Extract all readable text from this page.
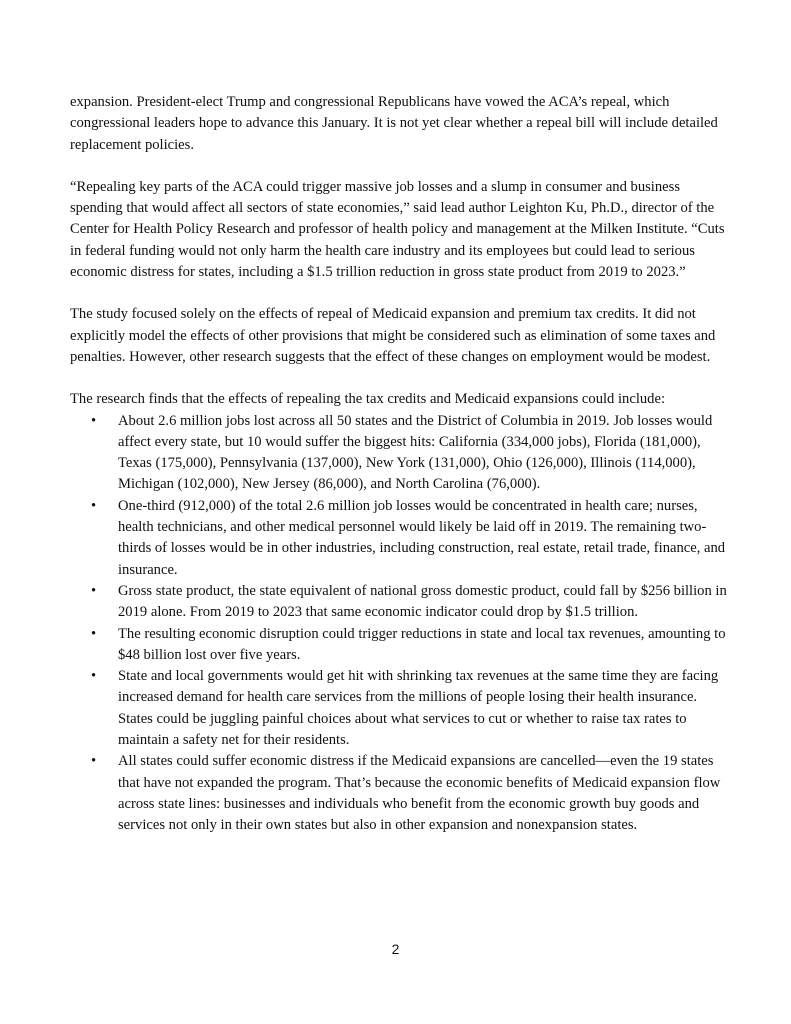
expansion. President-elect Trump and congressional Republicans have vowed the ACA’s repeal, which congressional leaders hope to advance this January. It is not yet clear whether a repeal bill will include detailed replacement policies.

“Repealing key parts of the ACA could trigger massive job losses and a slump in consumer and business spending that would affect all sectors of state economies,” said lead author Leighton Ku, Ph.D., director of the Center for Health Policy Research and professor of health policy and management at the Milken Institute. “Cuts in federal funding would not only harm the health care industry and its employees but could lead to serious economic distress for states, including a $1.5 trillion reduction in gross state product from 2019 to 2023.”

The study focused solely on the effects of repeal of Medicaid expansion and premium tax credits. It did not explicitly model the effects of other provisions that might be considered such as elimination of some taxes and penalties. However, other research suggests that the effect of these changes on employment would be modest.

The research finds that the effects of repealing the tax credits and Medicaid expansions could include:

• About 2.6 million jobs lost across all 50 states and the District of Columbia in 2019. Job losses would affect every state, but 10 would suffer the biggest hits: California (334,000 jobs), Florida (181,000), Texas (175,000), Pennsylvania (137,000), New York (131,000), Ohio (126,000), Illinois (114,000), Michigan (102,000), New Jersey (86,000), and North Carolina (76,000).
• One-third (912,000) of the total 2.6 million job losses would be concentrated in health care; nurses, health technicians, and other medical personnel would likely be laid off in 2019. The remaining two-thirds of losses would be in other industries, including construction, real estate, retail trade, finance, and insurance.
• Gross state product, the state equivalent of national gross domestic product, could fall by $256 billion in 2019 alone. From 2019 to 2023 that same economic indicator could drop by $1.5 trillion.
• The resulting economic disruption could trigger reductions in state and local tax revenues, amounting to $48 billion lost over five years.
• State and local governments would get hit with shrinking tax revenues at the same time they are facing increased demand for health care services from the millions of people losing their health insurance. States could be juggling painful choices about what services to cut or whether to raise tax rates to maintain a safety net for their residents.
• All states could suffer economic distress if the Medicaid expansions are cancelled—even the 19 states that have not expanded the program. That’s because the economic benefits of Medicaid expansion flow across state lines: businesses and individuals who benefit from the economic growth buy goods and services not only in their own states but also in other expansion and nonexpansion states.
2
